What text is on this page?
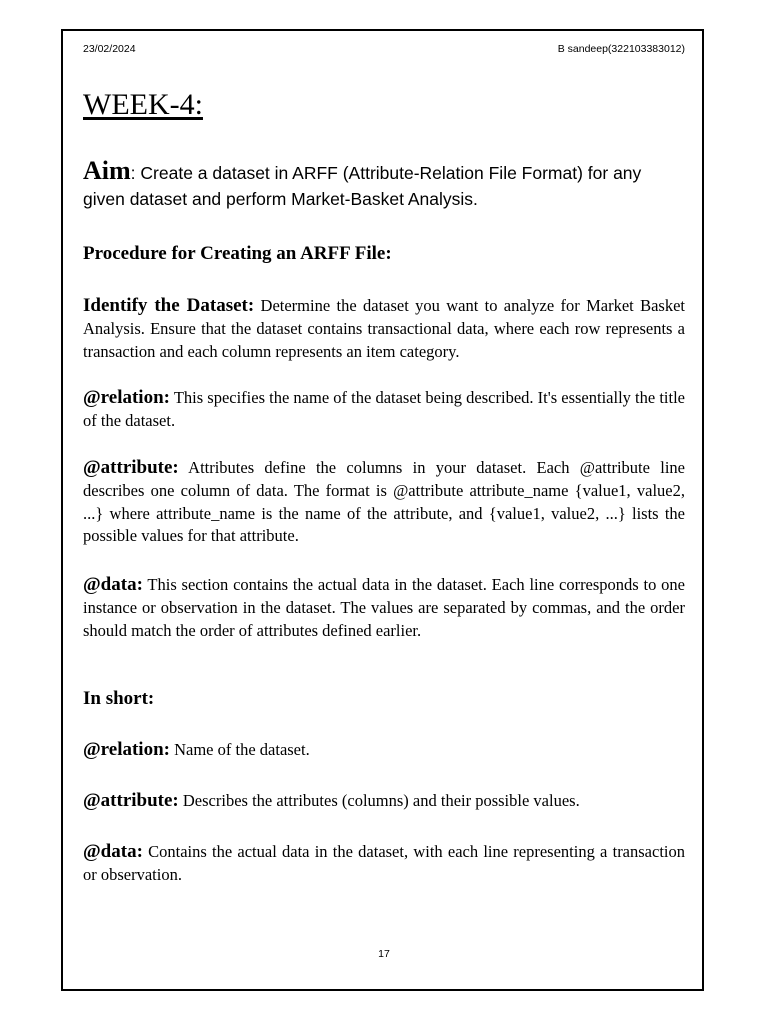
23/02/2024	B sandeep(322103383012)
WEEK-4:
Aim: Create a dataset in ARFF (Attribute-Relation File Format) for any given dataset and perform Market-Basket Analysis.
Procedure for Creating an ARFF File:
Identify the Dataset: Determine the dataset you want to analyze for Market Basket Analysis. Ensure that the dataset contains transactional data, where each row represents a transaction and each column represents an item category.
@relation: This specifies the name of the dataset being described. It's essentially the title of the dataset.
@attribute: Attributes define the columns in your dataset. Each @attribute line describes one column of data. The format is @attribute attribute_name {value1, value2, ...} where attribute_name is the name of the attribute, and {value1, value2, ...} lists the possible values for that attribute.
@data: This section contains the actual data in the dataset. Each line corresponds to one instance or observation in the dataset. The values are separated by commas, and the order should match the order of attributes defined earlier.
In short:
@relation: Name of the dataset.
@attribute: Describes the attributes (columns) and their possible values.
@data: Contains the actual data in the dataset, with each line representing a transaction or observation.
17
